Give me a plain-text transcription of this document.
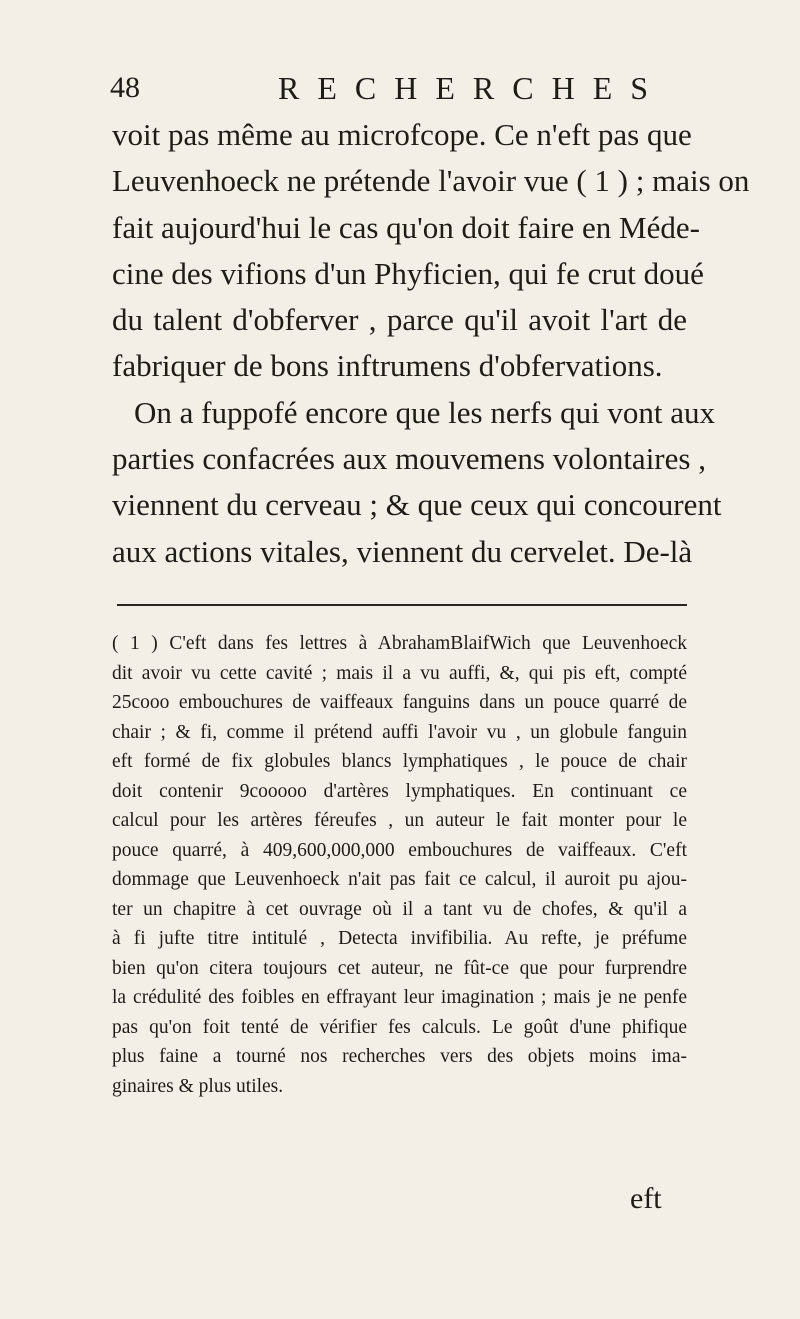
48	RECHERCHES
voit pas même au microfcope. Ce n'eft pas que
Leuvenhoeck ne prétende l'avoir vue ( 1 ) ; mais on
fait aujourd'hui le cas qu'on doit faire en Méde-
cine des vifions d'un Phyficien, qui fe crut doué
du talent d'obferver , parce qu'il avoit l'art de
fabriquer de bons inftrumens d'obfervations.
On a fuppofé encore que les nerfs qui vont aux
parties confacrées aux mouvemens volontaires ,
viennent du cerveau ; & que ceux qui concourent
aux actions vitales, viennent du cervelet. De-là
( 1 ) C'eft dans fes lettres à AbrahamBlaifWich que Leuvenhoeck
dit avoir vu cette cavité ; mais il a vu auffi, &, qui pis eft, compté
25cooo embouchures de vaiffeaux fanguins dans un pouce quarré de
chair ; & fi, comme il prétend auffi l'avoir vu , un globule fanguin
eft formé de fix globules blancs lymphatiques , le pouce de chair
doit contenir 9cooooo d'artères lymphatiques. En continuant ce
calcul pour les artères féreufes , un auteur le fait monter pour le
pouce quarré, à 409,600,000,000 embouchures de vaiffeaux. C'eft
dommage que Leuvenhoeck n'ait pas fait ce calcul, il auroit pu ajou-
ter un chapitre à cet ouvrage où il a tant vu de chofes, & qu'il a
à fi jufte titre intitulé , Detecta invifibilia. Au refte, je préfume
bien qu'on citera toujours cet auteur, ne fût-ce que pour furprendre
la crédulité des foibles en effrayant leur imagination ; mais je ne penfe
pas qu'on foit tenté de vérifier fes calculs. Le goût d'une phifique
plus faine a tourné nos recherches vers des objets moins ima-
ginaires & plus utiles.
eft
